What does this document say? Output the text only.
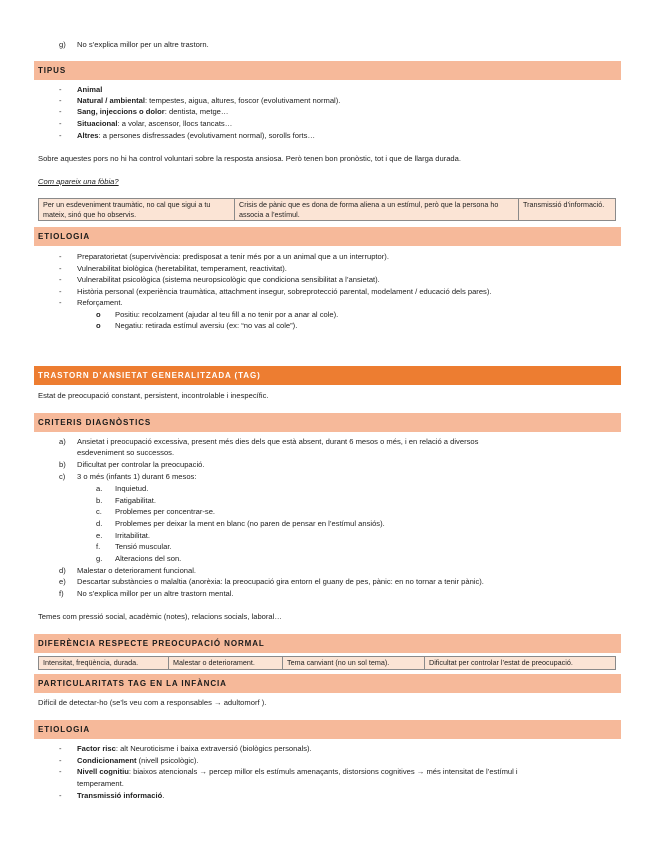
g) No s’explica millor per un altre trastorn.
TIPUS
-	Animal
-	Natural / ambiental: tempestes, aigua, altures, foscor (evolutivament normal).
-	Sang, injeccions o dolor: dentista, metge…
-	Situacional: a volar, ascensor, llocs tancats…
-	Altres: a persones disfressades (evolutivament normal), sorolls forts…
Sobre aquestes pors no hi ha control voluntari sobre la resposta ansiosa. Però tenen bon pronòstic, tot i que de llarga durada.
Com apareix una fòbia?
Per un esdeveniment traumàtic, no cal que sigui a tu mateix, sinó que ho observis.	Crisis de pànic que es dona de forma aliena a un estímul, però que la persona ho associa a l’estímul.	Transmissió d’informació.
ETIOLOGIA
-	Preparatorietat (supervivència: predisposat a tenir més por a un animal que a un interruptor).
-	Vulnerabilitat biològica (heretabilitat, temperament, reactivitat).
-	Vulnerabilitat psicològica (sistema neuropsicològic que condiciona sensibilitat a l’ansietat).
-	Història personal (experiència traumàtica, attachment insegur, sobreprotecció parental, modelament / educació dels pares).
-	Reforçament.
o Positiu: recolzament (ajudar al teu fill a no tenir por a anar al cole).
o Negatiu: retirada estímul aversiu (ex: “no vas al cole”).
TRASTORN D’ANSIETAT GENERALITZADA (TAG)
Estat de preocupació constant, persistent, incontrolable i inespecífic.
CRITERIS DIAGNÒSTICS
a) Ansietat i preocupació excessiva, present més dies dels que està absent, durant 6 mesos o més, i en relació a diversos
esdeveniment so successos.
b) Dificultat per controlar la preocupació.
c) 3 o més (infants 1) durant 6 mesos:
a. Inquietud.
b. Fatigabilitat.
c. Problemes per concentrar-se.
d. Problemes per deixar la ment en blanc (no paren de pensar en l’estímul ansiós).
e. Irritabilitat.
f. Tensió muscular.
g. Alteracions del son.
d) Malestar o deteriorament funcional.
e) Descartar substàncies o malaltia (anorèxia: la preocupació gira entorn el guany de pes, pànic: en no tornar a tenir pànic).
f) No s’explica millor per un altre trastorn mental.
Temes com pressió social, acadèmic (notes), relacions socials, laboral…
DIFERÈNCIA RESPECTE PREOCUPACIÓ NORMAL
Intensitat, freqüència, durada.	Malestar o deteriorament.	Tema canviant (no un sol tema).	Dificultat per controlar l’estat de preocupació.
PARTICULARITATS TAG EN LA INFÀNCIA
Difícil de detectar-ho (se’ls veu com a responsables → adultomorf ).
ETIOLOGIA
-	Factor risc: alt Neuroticisme i baixa extraversió (biològics personals).
-	Condicionament (nivell psicològic).
-	Nivell cognitiu: biaixos atencionals → percep millor els estímuls amenaçants, distorsions cognitives → més intensitat de l’estímul i
temperament.
-	Transmissió informació.
